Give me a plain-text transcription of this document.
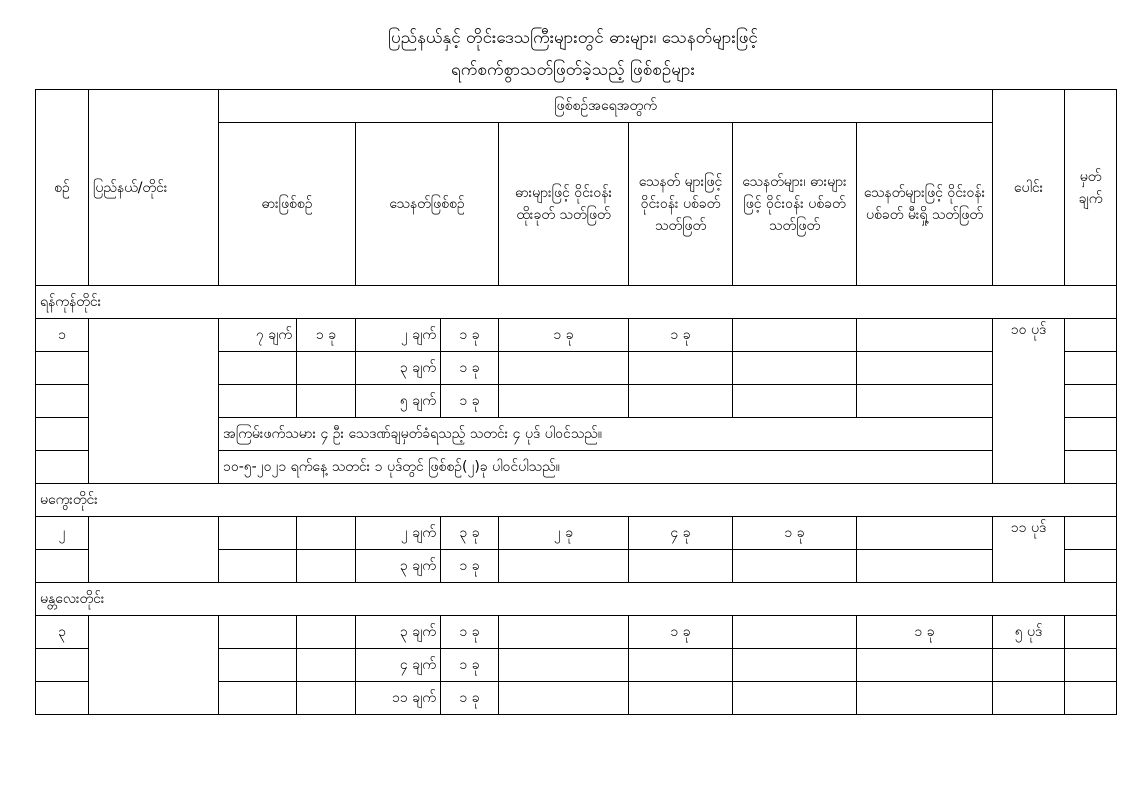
ပြည်နယ်နှင့် တိုင်းဒေသကြီးများတွင် ဓားများ၊ သေနတ်များဖြင့်
ရက်စက်စွာသတ်ဖြတ်ခဲ့သည့် ဖြစ်စဉ်များ
စဉ်	ပြည်နယ်/တိုင်း	ဖြစ်စဉ်အရေအတွက်								ပေါင်း	မှတ် ချက်
		ဓားဖြစ်စဉ်		သေနတ်ဖြစ်စဉ်		ဓားများဖြင့် ဝိုင်းဝန်း ထိုးခုတ် သတ်ဖြတ်	သေနတ် များဖြင့် ဝိုင်းဝန်း ပစ်ခတ် သတ်ဖြတ်	သေနတ်များ၊ ဓားများဖြင့် ဝိုင်းဝန်း ပစ်ခတ် သတ်ဖြတ်	သေနတ်များဖြင့် ဝိုင်းဝန်းပစ်ခတ် မီးရှို့ သတ်ဖြတ်		
ရန်ကုန်တိုင်း											
၁		၇ ချက်	၁ ခု	၂ ချက်	၁ ခု	၁ ခု	၁ ခု			၁၀ ပုဒ်	
				၃ ချက်	၁ ခု						
				၅ ချက်	၁ ခု						
		အကြမ်းဖက်သမား ၄ ဦး သေဒဏ်ချမှတ်ခံရသည့် သတင်း ၄ ပုဒ် ပါဝင်သည်။									
		၁၀-၅-၂၀၂၁ ရက်နေ့ သတင်း ၁ ပုဒ်တွင် ဖြစ်စဉ်(၂)ခု ပါဝင်ပါသည်။									
မကွေးတိုင်း											
၂				၂ ချက်	၃ ခု	၂ ခု	၄ ခု	၁ ခု		၁၁ ပုဒ်	
				၃ ချက်	၁ ခု						
မန္တလေးတိုင်း											
၃				၃ ချက်	၁ ခု		၁ ခု		၁ ခု	၅ ပုဒ်	
				၄ ချက်	၁ ခု						
				၁၁ ချက်	၁ ခု						
